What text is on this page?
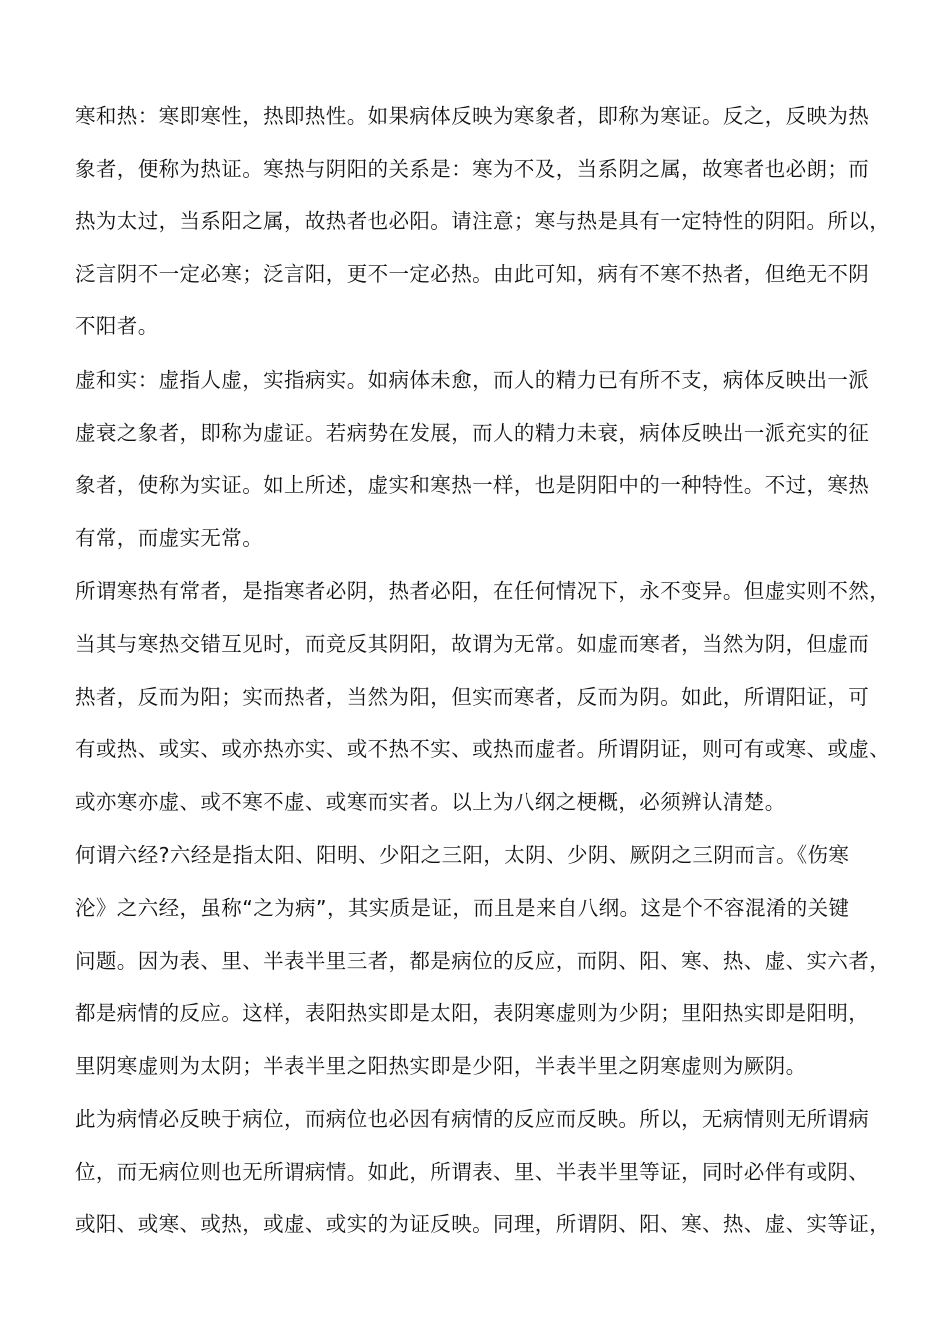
寒和热：寒即寒性，热即热性。如果病体反映为寒象者，即称为寒证。反之，反映为热
象者，便称为热证。寒热与阴阳的关系是：寒为不及，当系阴之属，故寒者也必朗；而
热为太过，当系阳之属，故热者也必阳。请注意；寒与热是具有一定特性的阴阳。所以，
泛言阴不一定必寒；泛言阳，更不一定必热。由此可知，病有不寒不热者，但绝无不阴
不阳者。

虚和实：虚指人虚，实指病实。如病体未愈，而人的精力已有所不支，病体反映出一派
虚衰之象者，即称为虚证。若病势在发展，而人的精力未衰，病体反映出一派充实的征
象者，使称为实证。如上所述，虚实和寒热一样，也是阴阳中的一种特性。不过，寒热
有常，而虚实无常。

所谓寒热有常者，是指寒者必阴，热者必阳，在任何情况下，永不变异。但虚实则不然，
当其与寒热交错互见时，而竞反其阴阳，故谓为无常。如虚而寒者，当然为阴，但虚而
热者，反而为阳；实而热者，当然为阳，但实而寒者，反而为阴。如此，所谓阳证，可
有或热、或实、或亦热亦实、或不热不实、或热而虚者。所谓阴证，则可有或寒、或虚、
或亦寒亦虚、或不寒不虚、或寒而实者。以上为八纲之梗概，必须辨认清楚。

何谓六经?六经是指太阳、阳明、少阳之三阳，太阴、少阴、厥阴之三阴而言。《伤寒
沦》之六经，虽称“之为病”，其实质是证，而且是来自八纲。这是个不容混淆的关键
问题。因为表、里、半表半里三者，都是病位的反应，而阴、阳、寒、热、虚、实六者，
都是病情的反应。这样，表阳热实即是太阳，表阴寒虚则为少阴；里阳热实即是阳明，
里阴寒虚则为太阴；半表半里之阳热实即是少阳，半表半里之阴寒虚则为厥阴。

此为病情必反映于病位，而病位也必因有病情的反应而反映。所以，无病情则无所谓病
位，而无病位则也无所谓病情。如此，所谓表、里、半表半里等证，同时必伴有或阴、
或阳、或寒、或热，或虚、或实的为证反映。同理，所谓阴、阳、寒、热、虚、实等证，
